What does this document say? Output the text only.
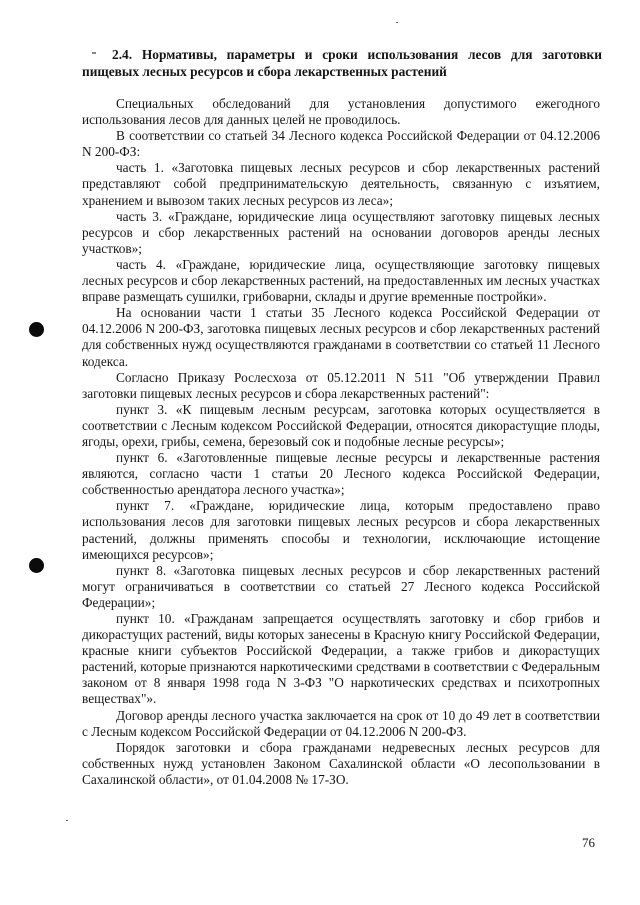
2.4. Нормативы, параметры и сроки использования лесов для заготовки пищевых лесных ресурсов и сбора лекарственных растений

Специальных обследований для установления допустимого ежегодного использования лесов для данных целей не проводилось.

В соответствии со статьей 34 Лесного кодекса Российской Федерации от 04.12.2006 N 200-ФЗ:

часть 1. «Заготовка пищевых лесных ресурсов и сбор лекарственных растений представляют собой предпринимательскую деятельность, связанную с изъятием, хранением и вывозом таких лесных ресурсов из леса»;

часть 3. «Граждане, юридические лица осуществляют заготовку пищевых лесных ресурсов и сбор лекарственных растений на основании договоров аренды лесных участков»;

часть 4. «Граждане, юридические лица, осуществляющие заготовку пищевых лесных ресурсов и сбор лекарственных растений, на предоставленных им лесных участках вправе размещать сушилки, грибоварни, склады и другие временные постройки».

На основании части 1 статьи 35 Лесного кодекса Российской Федерации от 04.12.2006 N 200-ФЗ, заготовка пищевых лесных ресурсов и сбор лекарственных растений для собственных нужд осуществляются гражданами в соответствии со статьей 11 Лесного кодекса.

Согласно Приказу Рослесхоза от 05.12.2011 N 511 "Об утверждении Правил заготовки пищевых лесных ресурсов и сбора лекарственных растений":

пункт 3. «К пищевым лесным ресурсам, заготовка которых осуществляется в соответствии с Лесным кодексом Российской Федерации, относятся дикорастущие плоды, ягоды, орехи, грибы, семена, березовый сок и подобные лесные ресурсы»;

пункт 6. «Заготовленные пищевые лесные ресурсы и лекарственные растения являются, согласно части 1 статьи 20 Лесного кодекса Российской Федерации, собственностью арендатора лесного участка»;

пункт 7. «Граждане, юридические лица, которым предоставлено право использования лесов для заготовки пищевых лесных ресурсов и сбора лекарственных растений, должны применять способы и технологии, исключающие истощение имеющихся ресурсов»;

пункт 8. «Заготовка пищевых лесных ресурсов и сбор лекарственных растений могут ограничиваться в соответствии со статьей 27 Лесного кодекса Российской Федерации»;

пункт 10. «Гражданам запрещается осуществлять заготовку и сбор грибов и дикорастущих растений, виды которых занесены в Красную книгу Российской Федерации, красные книги субъектов Российской Федерации, а также грибов и дикорастущих растений, которые признаются наркотическими средствами в соответствии с Федеральным законом от 8 января 1998 года N 3-ФЗ "О наркотических средствах и психотропных веществах"».

Договор аренды лесного участка заключается на срок от 10 до 49 лет в соответствии с Лесным кодексом Российской Федерации от 04.12.2006 N 200-ФЗ.

Порядок заготовки и сбора гражданами недревесных лесных ресурсов для собственных нужд установлен Законом Сахалинской области «О лесопользовании в Сахалинской области», от 01.04.2008 № 17-ЗО.

76
